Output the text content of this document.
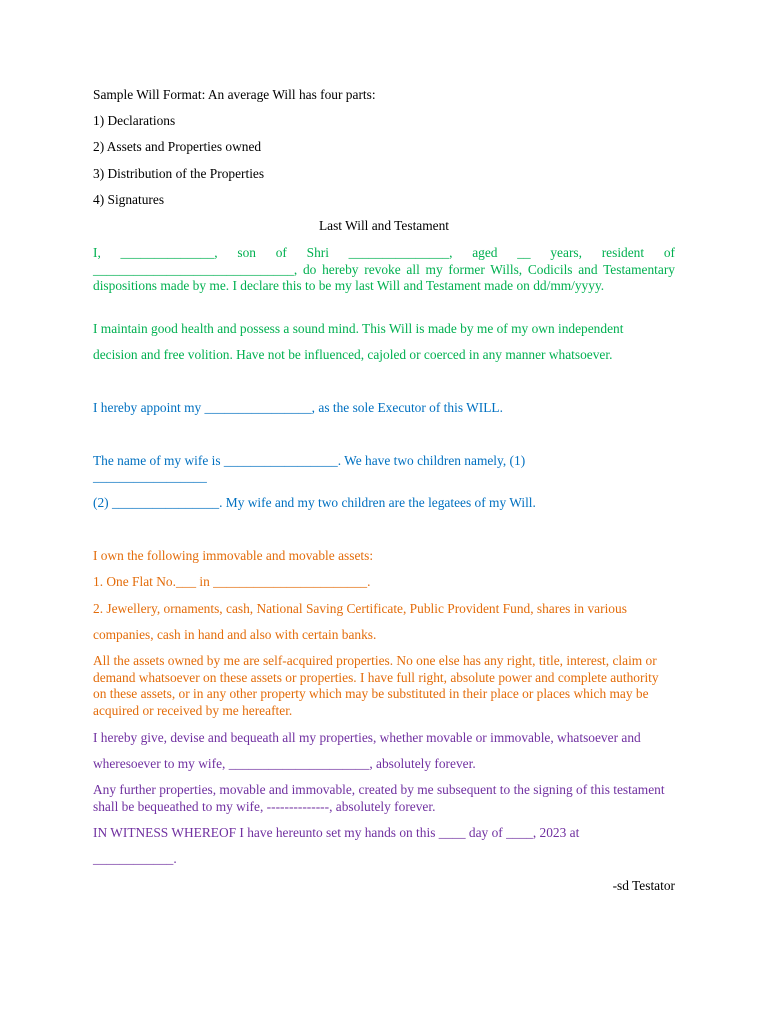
Sample Will Format: An average Will has four parts:

1) Declarations

2) Assets and Properties owned

3) Distribution of the Properties

4) Signatures

Last Will and Testament

I, ______________, son of Shri _______________, aged __ years, resident of ______________________________, do hereby revoke all my former Wills, Codicils and Testamentary dispositions made by me. I declare this to be my last Will and Testament made on dd/mm/yyyy.

I maintain good health and possess a sound mind. This Will is made by me of my own independent

decision and free volition. Have not be influenced, cajoled or coerced in any manner whatsoever.

I hereby appoint my ________________, as the sole Executor of this WILL.

The name of my wife is _________________. We have two children namely, (1)

_________________

(2) ________________. My wife and my two children are the legatees of my Will.

I own the following immovable and movable assets:

1. One Flat No.___ in _______________________.

2. Jewellery, ornaments, cash, National Saving Certificate, Public Provident Fund, shares in various

companies, cash in hand and also with certain banks.

All the assets owned by me are self-acquired properties. No one else has any right, title, interest, claim or demand whatsoever on these assets or properties. I have full right, absolute power and complete authority on these assets, or in any other property which may be substituted in their place or places which may be acquired or received by me hereafter.

I hereby give, devise and bequeath all my properties, whether movable or immovable, whatsoever and

wheresoever to my wife, _____________________, absolutely forever.

Any further properties, movable and immovable, created by me subsequent to the signing of this testament shall be bequeathed to my wife, --------------, absolutely forever.

IN WITNESS WHEREOF I have hereunto set my hands on this ____ day of ____, 2023 at

____________.

-sd Testator
